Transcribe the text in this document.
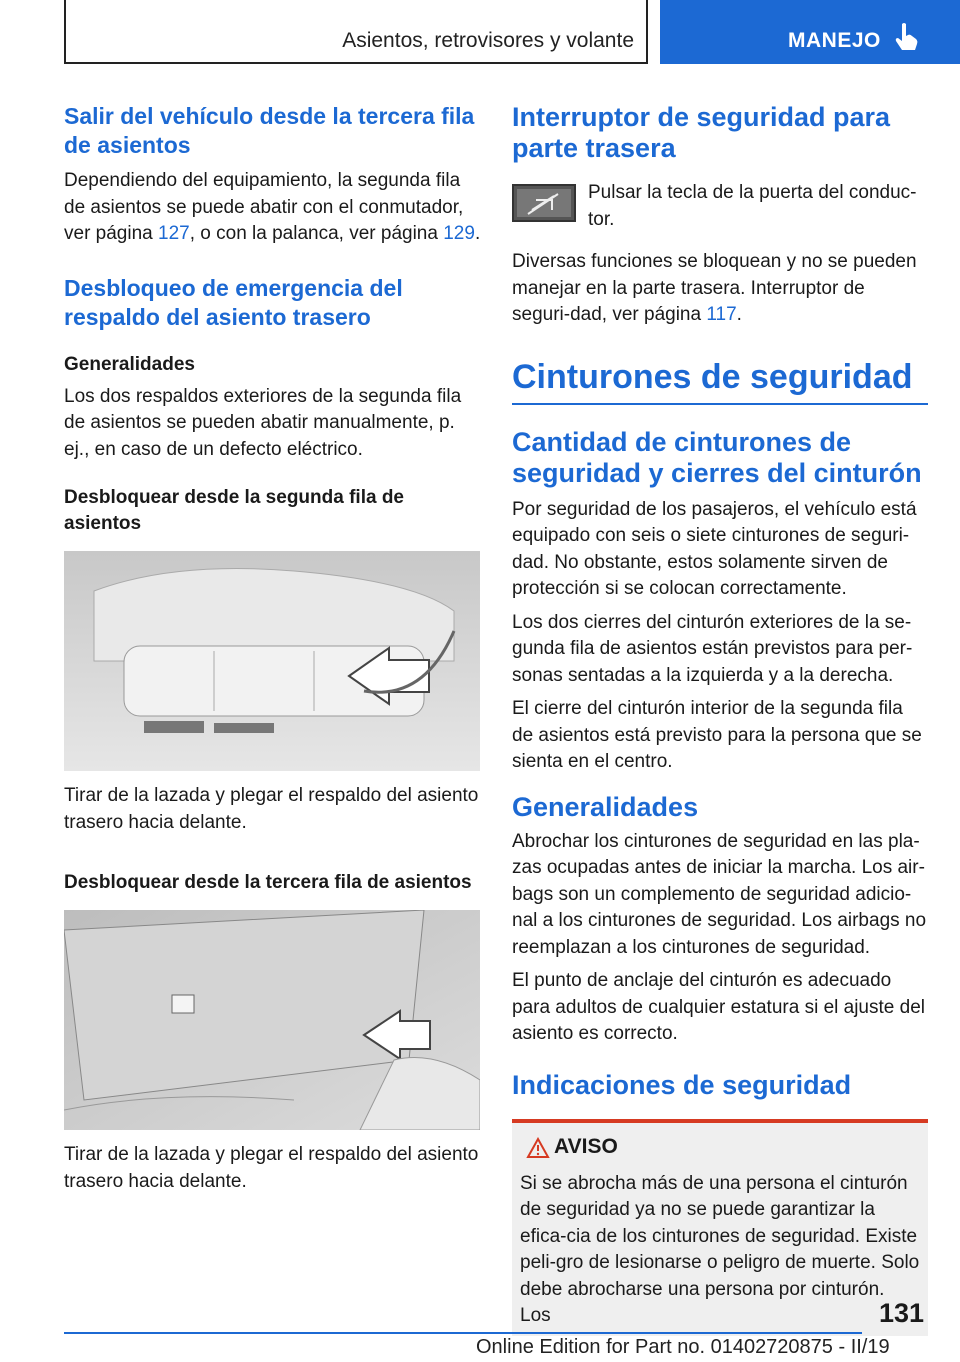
Asientos, retrovisores y volante	MANEJO
Salir del vehículo desde la tercera fila de asientos

Dependiendo del equipamiento, la segunda fila de asientos se puede abatir con el conmutador, ver página 127, o con la palanca, ver página 129.

Desbloqueo de emergencia del respaldo del asiento trasero
Generalidades

Los dos respaldos exteriores de la segunda fila de asientos se pueden abatir manualmente, p. ej., en caso de un defecto eléctrico.

Desbloquear desde la segunda fila de asientos

Tirar de la lazada y plegar el respaldo del asiento trasero hacia delante.

Desbloquear desde la tercera fila de asientos

Tirar de la lazada y plegar el respaldo del asiento trasero hacia delante.

Interruptor de seguridad para parte trasera

Pulsar la tecla de la puerta del conduc-tor.

Diversas funciones se bloquean y no se pueden manejar en la parte trasera. Interruptor de seguri-dad, ver página 117.

Cinturones de seguridad
Cantidad de cinturones de seguridad y cierres del cinturón

Por seguridad de los pasajeros, el vehículo está equipado con seis o siete cinturones de seguri-dad. No obstante, estos solamente sirven de protección si se colocan correctamente.

Los dos cierres del cinturón exteriores de la se-gunda fila de asientos están previstos para per-sonas sentadas a la izquierda y a la derecha.

El cierre del cinturón interior de la segunda fila de asientos está previsto para la persona que se sienta en el centro.

Generalidades

Abrochar los cinturones de seguridad en las pla-zas ocupadas antes de iniciar la marcha. Los air-bags son un complemento de seguridad adicio-nal a los cinturones de seguridad. Los airbags no reemplazan a los cinturones de seguridad.

El punto de anclaje del cinturón es adecuado para adultos de cualquier estatura si el ajuste del asiento es correcto.

Indicaciones de seguridad
AVISO

Si se abrocha más de una persona el cinturón de seguridad ya no se puede garantizar la efica-cia de los cinturones de seguridad. Existe peli-gro de lesionarse o peligro de muerte. Solo debe abrocharse una persona por cinturón. Los	131
Online Edition for Part no. 01402720875 - II/19
